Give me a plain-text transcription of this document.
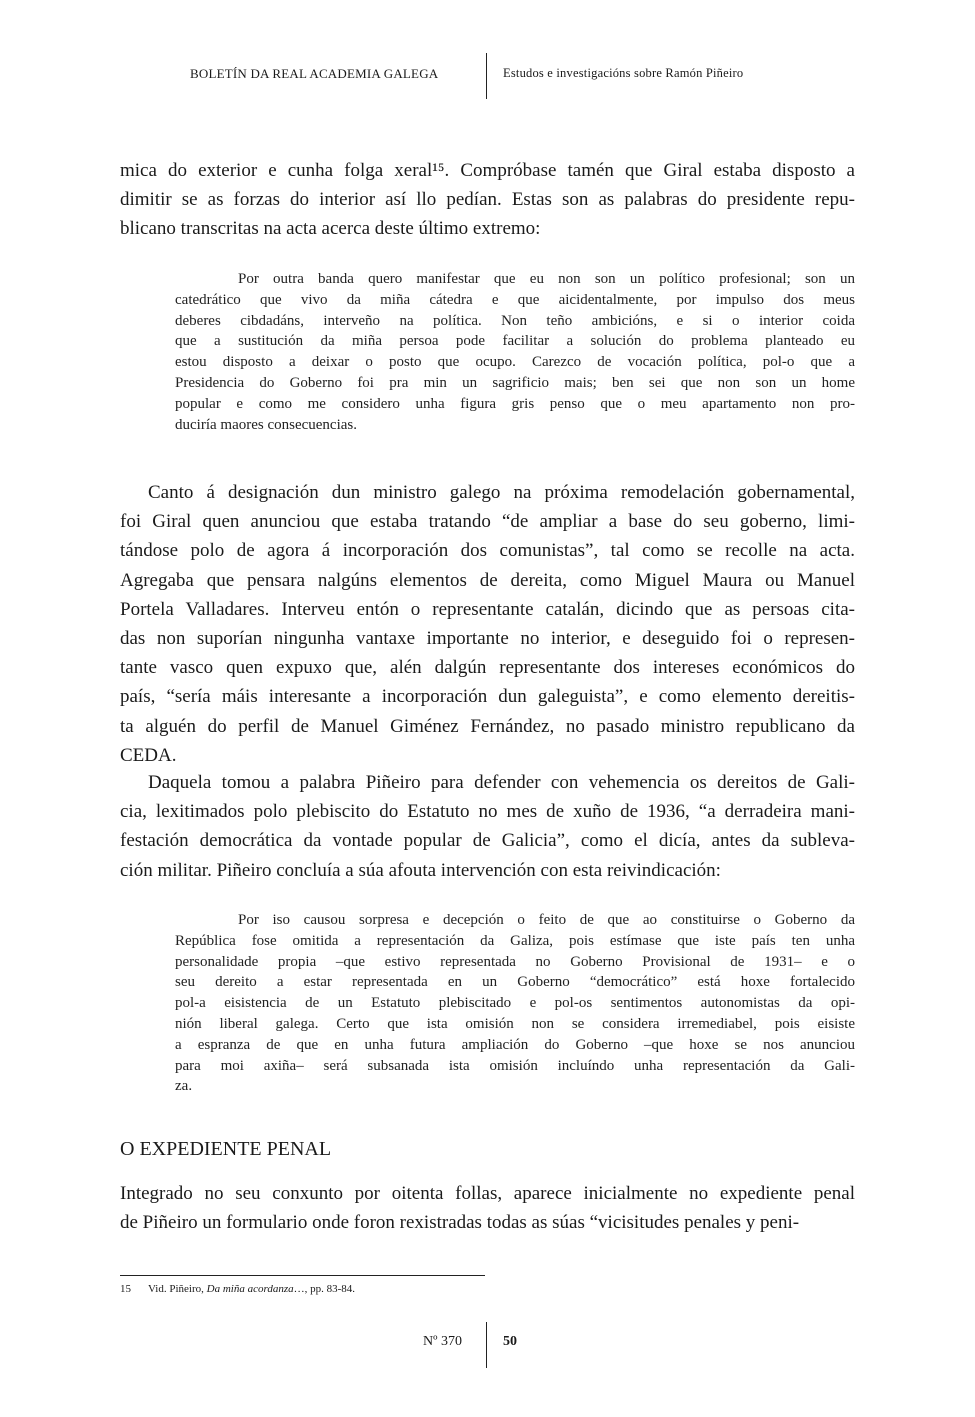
BOLETÍN DA REAL ACADEMIA GALEGA	Estudos e investigacións sobre Ramón Piñeiro
mica do exterior e cunha folga xeral¹⁵. Compróbase tamén que Giral estaba disposto a
dimitir se as forzas do interior así llo pedían. Estas son as palabras do presidente repu-
blicano transcritas na acta acerca deste último extremo:
Por outra banda quero manifestar que eu non son un político profesional; son un
catedrático que vivo da miña cátedra e que aicidentalmente, por impulso dos meus
deberes cibdadáns, interveño na política. Non teño ambicións, e si o interior coida
que a sustitución da miña persoa pode facilitar a solución do problema planteado eu
estou disposto a deixar o posto que ocupo. Carezco de vocación política, pol-o que a
Presidencia do Goberno foi pra min un sagrificio mais; ben sei que non son un home
popular e como me considero unha figura gris penso que o meu apartamento non pro-
duciría maores consecuencias.
Canto á designación dun ministro galego na próxima remodelación gobernamental,
foi Giral quen anunciou que estaba tratando “de ampliar a base do seu goberno, limi-
tándose polo de agora á incorporación dos comunistas”, tal como se recolle na acta.
Agregaba que pensara nalgúns elementos de dereita, como Miguel Maura ou Manuel
Portela Valladares. Interveu entón o representante catalán, dicindo que as persoas cita-
das non suporían ningunha vantaxe importante no interior, e deseguido foi o represen-
tante vasco quen expuxo que, alén dalgún representante dos intereses económicos do
país, “sería máis interesante a incorporación dun galeguista”, e como elemento dereitis-
ta alguén do perfil de Manuel Giménez Fernández, no pasado ministro republicano da
CEDA.
Daquela tomou a palabra Piñeiro para defender con vehemencia os dereitos de Gali-
cia, lexitimados polo plebiscito do Estatuto no mes de xuño de 1936, “a derradeira mani-
festación democrática da vontade popular de Galicia”, como el dicía, antes da subleva-
ción militar. Piñeiro concluía a súa afouta intervención con esta reivindicación:
Por iso causou sorpresa e decepción o feito de que ao constituirse o Goberno da
República fose omitida a representación da Galiza, pois estímase que iste país ten unha
personalidade propia –que estivo representada no Goberno Provisional de 1931– e o
seu dereito a estar representada en un Goberno “democrático” está hoxe fortalecido
pol-a eisistencia de un Estatuto plebiscitado e pol-os sentimentos autonomistas da opi-
nión liberal galega. Certo que ista omisión non se considera irremediabel, pois eisiste
a espranza de que en unha futura ampliación do Goberno –que hoxe se nos anunciou
para moi axiña– será subsanada ista omisión incluíndo unha representación da Gali-
za.
O EXPEDIENTE PENAL
Integrado no seu conxunto por oitenta follas, aparece inicialmente no expediente penal
de Piñeiro un formulario onde foron rexistradas todas as súas “vicisitudes penales y peni-
15 Vid. Piñeiro, Da miña acordanza…, pp. 83-84.
Nº 370	50
